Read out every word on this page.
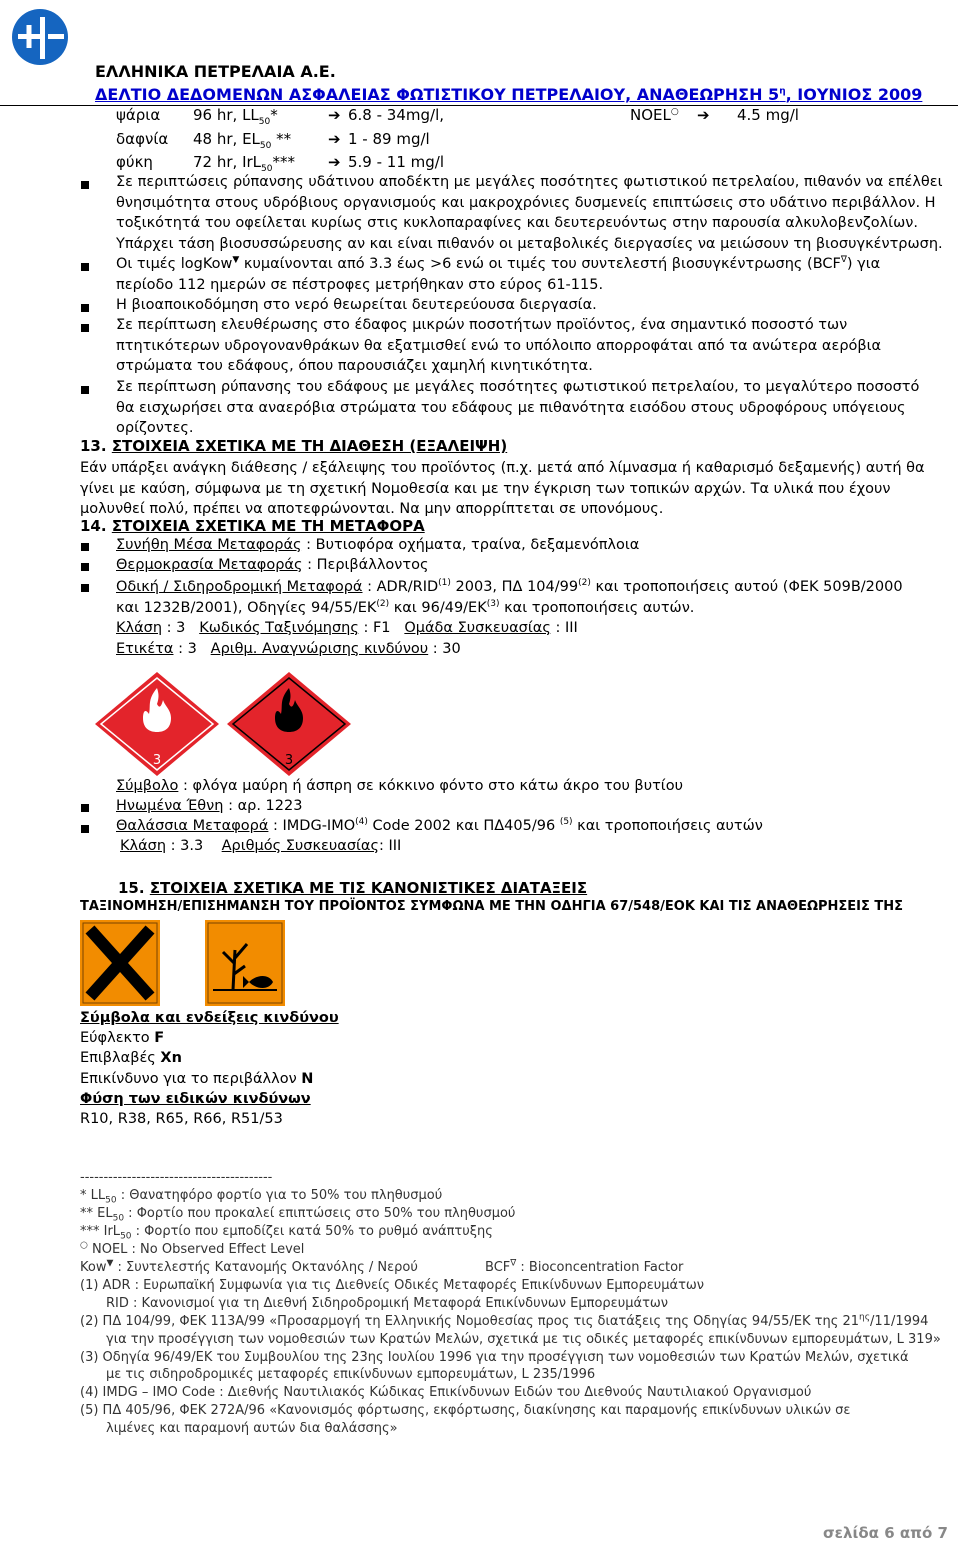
ΕΛΛΗΝΙΚΑ ΠΕΤΡΕΛΑΙΑ Α.Ε.
ΔΕΛΤΙΟ ΔΕΔΟΜΕΝΩΝ ΑΣΦΑΛΕΙΑΣ ΦΩΤΙΣΤΙΚΟΥ ΠΕΤΡΕΛΑΙΟΥ, ΑΝΑΘΕΩΡΗΣΗ $5^\eta$, ΙΟΥΝΙΟΣ 2009
ψάρια 96 hr, $LL_{50}*$	➔ 6.8 - 34mg/l,	NOEL○ ➔ 4.5 mg/l
δαφνία 48 hr, $EL_{50}$ ** ➔ 1 - 89 mg/l
φύκη	72 hr, IrL$_{50}$*** ➔ 5.9 - 11 mg/l
Σε περιπτώσεις ρύπανσης υδάτινου αποδέκτη με μεγάλες ποσότητες φωτιστικού πετρελαίου, πιθανόν να επέλθει
θνησιμότητα στους υδρόβιους οργανισμούς και μακροχρόνιες δυσμενείς επιπτώσεις στο υδάτινο περιβάλλον. Η
τοξικότητά του οφείλεται κυρίως στις κυκλοπαραφίνες και δευτερευόντως στην παρουσία αλκυλοβενζολίων.
Υπάρχει τάση βιοσυσσώρευσης αν και είναι πιθανόν οι μεταβολικές διεργασίες να μειώσουν τη βιοσυγκέντρωση.
Οι τιμές logKow▼ κυμαίνονται από 3.3 έως >6 ενώ οι τιμές του συντελεστή βιοσυγκέντρωσης (BCF∇) για
περίοδο 112 ημερών σε πέστροφες μετρήθηκαν στο εύρος 61-115.
Η βιοαποικοδόμηση στο νερό θεωρείται δευτερεύουσα διεργασία.
Σε περίπτωση ελευθέρωσης στο έδαφος μικρών ποσοτήτων προϊόντος, ένα σημαντικό ποσοστό των
πτητικότερων υδρογονανθράκων θα εξατμισθεί ενώ το υπόλοιπο απορροφάται από τα ανώτερα αερόβια
στρώματα του εδάφους, όπου παρουσιάζει χαμηλή κινητικότητα.
Σε περίπτωση ρύπανσης του εδάφους με μεγάλες ποσότητες φωτιστικού πετρελαίου, το μεγαλύτερο ποσοστό
θα εισχωρήσει στα αναερόβια στρώματα του εδάφους με πιθανότητα εισόδου στους υδροφόρους υπόγειους
ορίζοντες.
13. ΣΤΟΙΧΕΙΑ ΣΧΕΤΙΚΑ ΜΕ ΤΗ ΔΙΑΘΕΣΗ (ΕΞΑΛΕΙΨΗ)
Εάν υπάρξει ανάγκη διάθεσης / εξάλειψης του προϊόντος (π.χ. μετά από λίμνασμα ή καθαρισμό δεξαμενής) αυτή θα
γίνει με καύση, σύμφωνα με τη σχετική Νομοθεσία και με την έγκριση των τοπικών αρχών. Τα υλικά που έχουν
μολυνθεί πολύ, πρέπει να αποτεφρώνονται. Να μην απορρίπτεται σε υπονόμους.
14. ΣΤΟΙΧΕΙΑ ΣΧΕΤΙΚΑ ΜΕ ΤΗ ΜΕΤΑΦΟΡΑ
Συνήθη Μέσα Μεταφοράς : Βυτιοφόρα οχήματα, τραίνα, δεξαμενόπλοια
Θερμοκρασία Μεταφοράς : Περιβάλλοντος
Οδική / Σιδηροδρομική Μεταφορά : ADR/RID$^{(1)}$ 2003, ΠΔ 104/99$^{(2)}$ και τροποποιήσεις αυτού (ΦΕΚ 509Β/2000
και 1232Β/2001), Οδηγίες 94/55/ΕΚ$^{(2)}$ και 96/49/ΕΚ$^{(3)}$ και τροποποιήσεις αυτών.
Κλάση : 3   Κωδικός Ταξινόμησης : F1   Ομάδα Συσκευασίας : III
Ετικέτα : 3   Αριθμ. Αναγνώρισης κινδύνου : 30
3	3
Σύμβολο : φλόγα μαύρη ή άσπρη σε κόκκινο φόντο στο κάτω άκρο του βυτίου
Ηνωμένα Έθνη : αρ. 1223
Θαλάσσια Μεταφορά : IMDG-IMO$^{(4)}$ Code 2002 και ΠΔ405/96 $^{(5)}$ και τροποποιήσεις αυτών
Κλάση : 3.3    Αριθμός Συσκευασίας: III
15. ΣΤΟΙΧΕΙΑ ΣΧΕΤΙΚΑ ΜΕ ΤΙΣ ΚΑΝΟΝΙΣΤΙΚΕΣ ΔΙΑΤΑΞΕΙΣ
ΤΑΞΙΝΟΜΗΣΗ/ΕΠΙΣΗΜΑΝΣΗ ΤΟΥ ΠΡΟΪΟΝΤΟΣ ΣΥΜΦΩΝΑ ΜΕ ΤΗΝ ΟΔΗΓΙΑ 67/548/ΕΟΚ ΚΑΙ ΤΙΣ ΑΝΑΘΕΩΡΗΣΕΙΣ ΤΗΣ
Σύμβολα και ενδείξεις κινδύνου
Εύφλεκτο F
Επιβλαβές Xn
Επικίνδυνο για το περιβάλλον N
Φύση των ειδικών κινδύνων
R10, R38, R65, R66, R51/53
-----------------------------------------
* $LL_{50}$ : Θανατηφόρο φορτίο για το 50% του πληθυσμού
** $EL_{50}$ : Φορτίο που προκαλεί επιπτώσεις στο 50% του πληθυσμού
*** IrL$_{50}$ : Φορτίο που εμποδίζει κατά 50% το ρυθμό ανάπτυξης
○ NOEL : No Observed Effect Level
Kow▼ : Συντελεστής Κατανομής Οκτανόλης / Νερού	BCF∇ : Bioconcentration Factor
(1) ADR : Ευρωπαϊκή Συμφωνία για τις Διεθνείς Οδικές Μεταφορές Επικίνδυνων Εμπορευμάτων
RID : Κανονισμοί για τη Διεθνή Σιδηροδρομική Μεταφορά Επικίνδυνων Εμπορευμάτων
(2) ΠΔ 104/99, ΦΕΚ 113Α/99 «Προσαρμογή τη Ελληνικής Νομοθεσίας προς τις διατάξεις της Οδηγίας 94/55/ΕΚ της $21^{\eta\varsigma}/11/1994$
για την προσέγγιση των νομοθεσιών των Κρατών Μελών, σχετικά με τις οδικές μεταφορές επικίνδυνων εμπορευμάτων, L 319»
(3) Οδηγία 96/49/ΕΚ του Συμβουλίου της 23ης Ιουλίου 1996 για την προσέγγιση των νομοθεσιών των Κρατών Μελών, σχετικά
με τις σιδηροδρομικές μεταφορές επικίνδυνων εμπορευμάτων, L 235/1996
(4) IMDG – IMO Code : Διεθνής Ναυτιλιακός Κώδικας Επικίνδυνων Ειδών του Διεθνούς Ναυτιλιακού Οργανισμού
(5) ΠΔ 405/96, ΦΕΚ 272Α/96 «Κανονισμός φόρτωσης, εκφόρτωσης, διακίνησης και παραμονής επικίνδυνων υλικών σε
λιμένες και παραμονή αυτών δια θαλάσσης»
σελίδα 6 από 7
